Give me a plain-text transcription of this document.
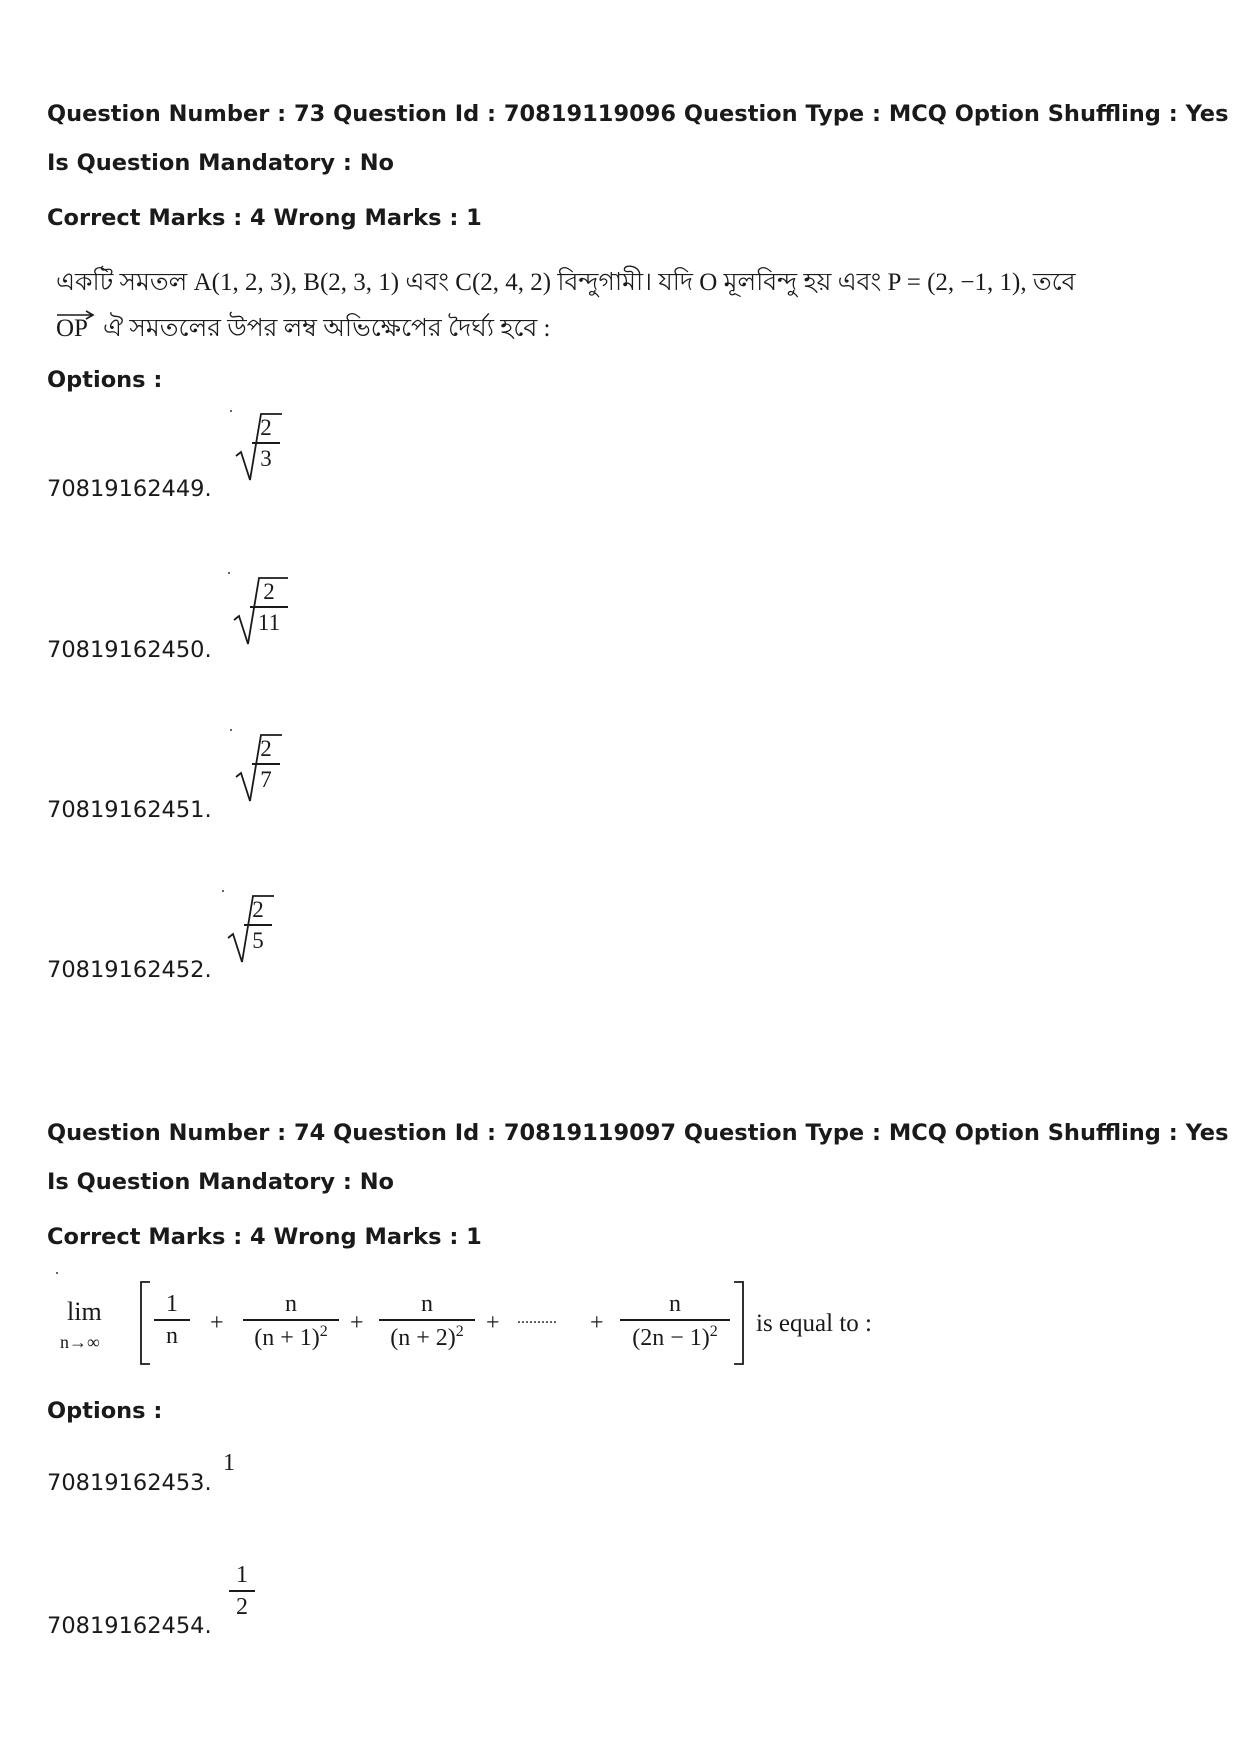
Question Number : 73 Question Id : 70819119096 Question Type : MCQ Option Shuffling : Yes
Is Question Mandatory : No
Correct Marks : 4 Wrong Marks : 1
একটি সমতল A(1, 2, 3), B(2, 3, 1) এবং C(2, 4, 2) বিন্দুগামী। যদি O মূলবিন্দু হয় এবং P = (2, −1, 1), তবে
OP ঐ সমতলের উপর লম্ব অভিক্ষেপের দৈর্ঘ্য হবে :
Options :
70819162449.
2
3
70819162450.
2
11
70819162451.
2
7
70819162452.
2
5
Question Number : 74 Question Id : 70819119097 Question Type : MCQ Option Shuffling : Yes
Is Question Mandatory : No
Correct Marks : 4 Wrong Marks : 1
lim
n→∞
1
n +
n
$(n + 1)^2$ +
n
$(n + 2)^2$ + .......... +
n
$(2n - 1)^2$ is equal to :
Options :
70819162453.
1
70819162454.
1
2
